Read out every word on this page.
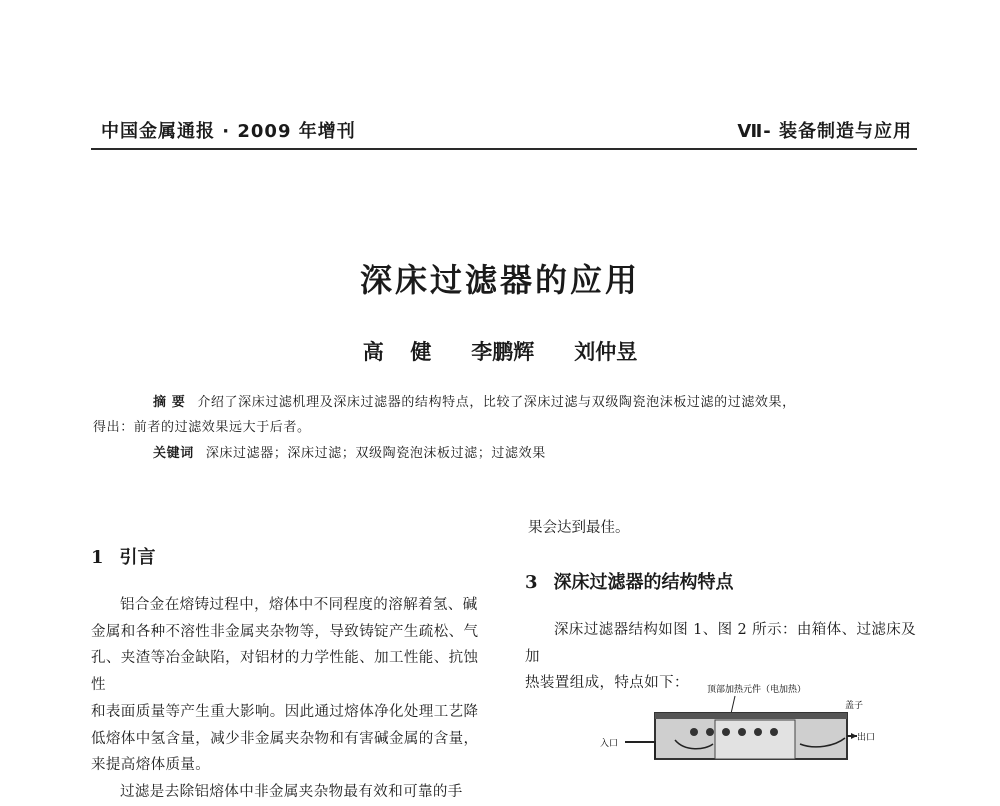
中国金属通报 · 2009 年增刊	Ⅶ- 装备制造与应用
深床过滤器的应用
高  健   李鹏辉   刘仲昱
摘 要 介绍了深床过滤机理及深床过滤器的结构特点，比较了深床过滤与双级陶瓷泡沫板过滤的过滤效果，
得出：前者的过滤效果远大于后者。
关键词 深床过滤器；深床过滤；双级陶瓷泡沫板过滤；过滤效果
1 引言
铝合金在熔铸过程中，熔体中不同程度的溶解着氢、碱
金属和各种不溶性非金属夹杂物等，导致铸锭产生疏松、气
孔、夹渣等冶金缺陷，对铝材的力学性能、加工性能、抗蚀性
和表面质量等产生重大影响。因此通过熔体净化处理工艺降
低熔体中氢含量，减少非金属夹杂物和有害碱金属的含量，
来提高熔体质量。
过滤是去除铝熔体中非金属夹杂物最有效和可靠的手
果会达到最佳。
3 深床过滤器的结构特点
深床过滤器结构如图 1、图 2 所示：由箱体、过滤床及加
热装置组成，特点如下：	顶部加热元件（电加热）
盖子
入口
出口
